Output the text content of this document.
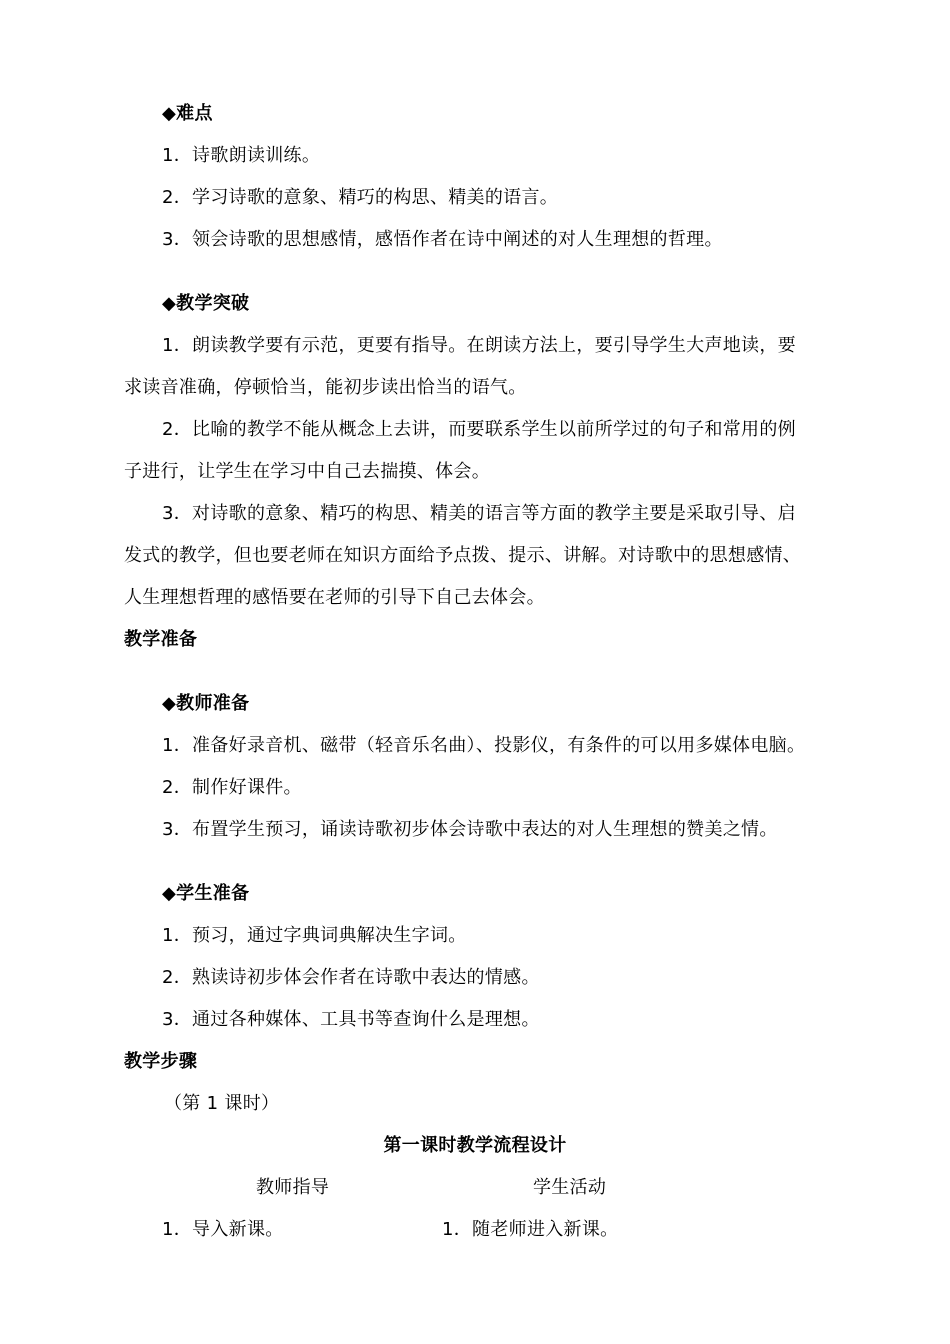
◆难点
1．诗歌朗读训练。
2．学习诗歌的意象、精巧的构思、精美的语言。
3．领会诗歌的思想感情，感悟作者在诗中阐述的对人生理想的哲理。
◆教学突破
1．朗读教学要有示范，更要有指导。在朗读方法上，要引导学生大声地读，要
求读音准确，停顿恰当，能初步读出恰当的语气。
2．比喻的教学不能从概念上去讲，而要联系学生以前所学过的句子和常用的例
子进行，让学生在学习中自己去揣摸、体会。
3．对诗歌的意象、精巧的构思、精美的语言等方面的教学主要是采取引导、启
发式的教学，但也要老师在知识方面给予点拨、提示、讲解。对诗歌中的思想感情、
人生理想哲理的感悟要在老师的引导下自己去体会。
教学准备
◆教师准备
1．准备好录音机、磁带（轻音乐名曲）、投影仪，有条件的可以用多媒体电脑。
2．制作好课件。
3．布置学生预习，诵读诗歌初步体会诗歌中表达的对人生理想的赞美之情。
◆学生准备
1．预习，通过字典词典解决生字词。
2．熟读诗初步体会作者在诗歌中表达的情感。
3．通过各种媒体、工具书等查询什么是理想。
教学步骤
（第 1 课时）
第一课时教学流程设计
教师指导	学生活动
1．导入新课。	1．随老师进入新课。
